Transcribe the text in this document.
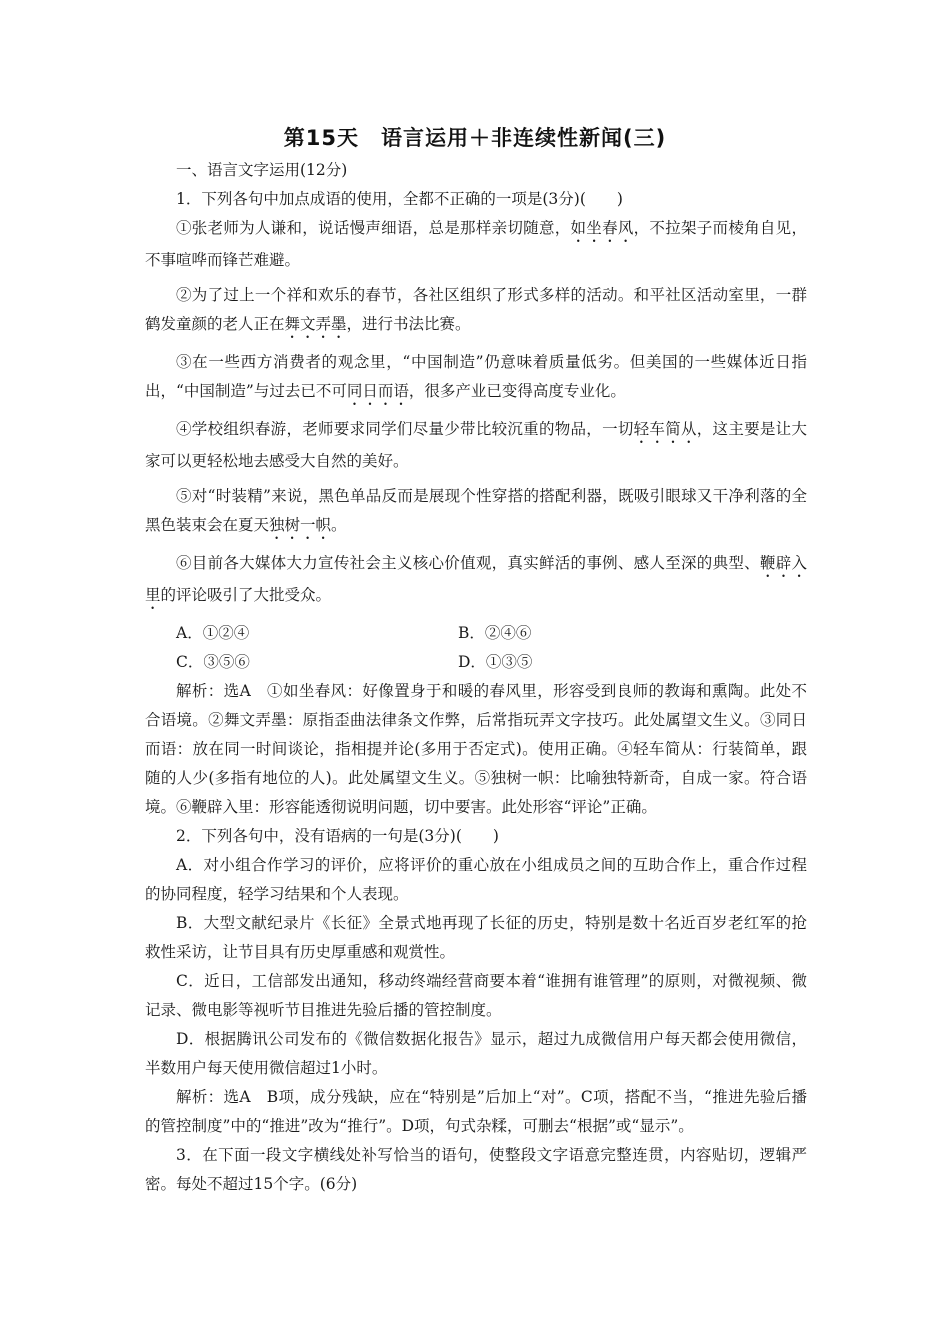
第15天　语言运用＋非连续性新闻(三)

一、语言文字运用(12分)

1．下列各句中加点成语的使用，全都不正确的一项是(3分)(　　)

①张老师为人谦和，说话慢声细语，总是那样亲切随意，如坐春风，不拉架子而棱角自见，不事喧哗而锋芒难避。

②为了过上一个祥和欢乐的春节，各社区组织了形式多样的活动。和平社区活动室里，一群鹤发童颜的老人正在舞文弄墨，进行书法比赛。

③在一些西方消费者的观念里，“中国制造”仍意味着质量低劣。但美国的一些媒体近日指出，“中国制造”与过去已不可同日而语，很多产业已变得高度专业化。

④学校组织春游，老师要求同学们尽量少带比较沉重的物品，一切轻车简从，这主要是让大家可以更轻松地去感受大自然的美好。

⑤对“时装精”来说，黑色单品反而是展现个性穿搭的搭配利器，既吸引眼球又干净利落的全黑色装束会在夏天独树一帜。

⑥目前各大媒体大力宣传社会主义核心价值观，真实鲜活的事例、感人至深的典型、鞭辟入里的评论吸引了大批受众。

A．①②④	B．②④⑥
C．③⑤⑥	D．①③⑤

解析：选A　①如坐春风：好像置身于和暖的春风里，形容受到良师的教诲和熏陶。此处不合语境。②舞文弄墨：原指歪曲法律条文作弊，后常指玩弄文字技巧。此处属望文生义。③同日而语：放在同一时间谈论，指相提并论(多用于否定式)。使用正确。④轻车简从：行装简单，跟随的人少(多指有地位的人)。此处属望文生义。⑤独树一帜：比喻独特新奇，自成一家。符合语境。⑥鞭辟入里：形容能透彻说明问题，切中要害。此处形容“评论”正确。

2．下列各句中，没有语病的一句是(3分)(　　)

A．对小组合作学习的评价，应将评价的重心放在小组成员之间的互助合作上，重合作过程的协同程度，轻学习结果和个人表现。

B．大型文献纪录片《长征》全景式地再现了长征的历史，特别是数十名近百岁老红军的抢救性采访，让节目具有历史厚重感和观赏性。

C．近日，工信部发出通知，移动终端经营商要本着“谁拥有谁管理”的原则，对微视频、微记录、微电影等视听节目推进先验后播的管控制度。

D．根据腾讯公司发布的《微信数据化报告》显示，超过九成微信用户每天都会使用微信，半数用户每天使用微信超过1小时。

解析：选A　B项，成分残缺，应在“特别是”后加上“对”。C项，搭配不当，“推进先验后播的管控制度”中的“推进”改为“推行”。D项，句式杂糅，可删去“根据”或“显示”。

3．在下面一段文字横线处补写恰当的语句，使整段文字语意完整连贯，内容贴切，逻辑严密。每处不超过15个字。(6分)
